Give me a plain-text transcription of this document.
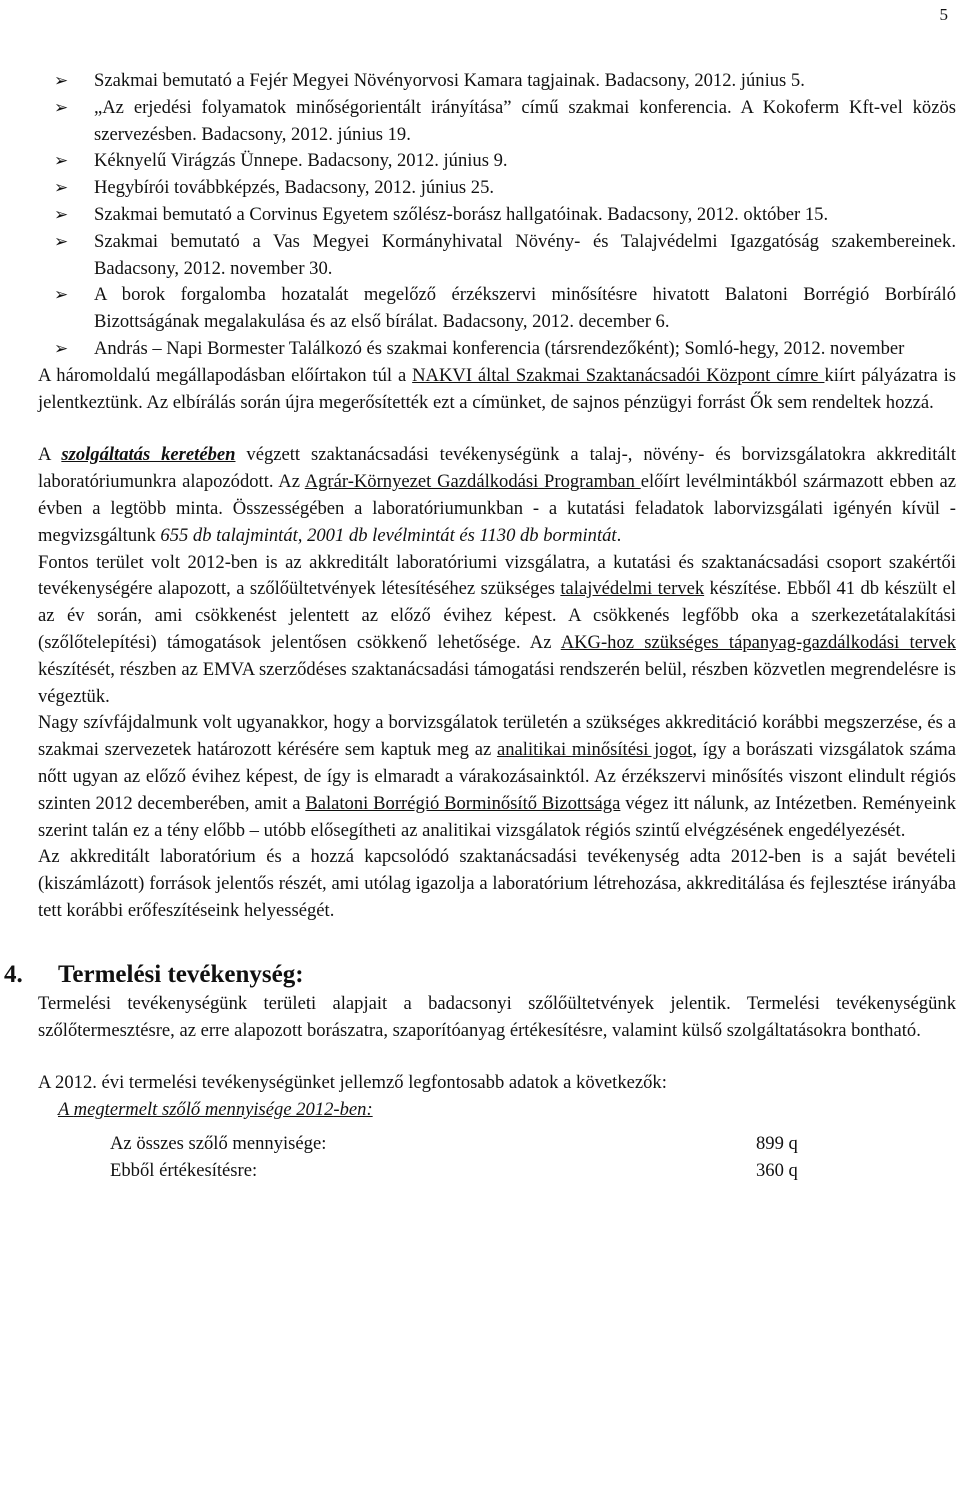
5
➢ Szakmai bemutató a Fejér Megyei Növényorvosi Kamara tagjainak. Badacsony, 2012. június 5.
➢ „Az erjedési folyamatok minőségorientált irányítása” című szakmai konferencia. A Kokoferm Kft-vel közös szervezésben. Badacsony, 2012. június 19.
➢ Kéknyelű Virágzás Ünnepe. Badacsony, 2012. június 9.
➢ Hegybírói továbbképzés, Badacsony, 2012. június 25.
➢ Szakmai bemutató a Corvinus Egyetem szőlész-borász hallgatóinak. Badacsony, 2012. október 15.
➢ Szakmai bemutató a Vas Megyei Kormányhivatal Növény- és Talajvédelmi Igazgatóság szakembereinek. Badacsony, 2012. november 30.
➢ A borok forgalomba hozatalát megelőző érzékszervi minősítésre hivatott Balatoni Borrégió Borbíráló Bizottságának megalakulása és az első bírálat. Badacsony, 2012. december 6.
➢ András – Napi Bormester Találkozó és szakmai konferencia (társrendezőként); Somló-hegy, 2012. november

A háromoldalú megállapodásban előírtakon túl a NAKVI által Szakmai Szaktanácsadói Központ címre kiírt pályázatra is jelentkeztünk. Az elbírálás során újra megerősítették ezt a címünket, de sajnos pénzügyi forrást Ők sem rendeltek hozzá.

A szolgáltatás keretében végzett szaktanácsadási tevékenységünk a talaj-, növény- és borvizsgálatokra akkreditált laboratóriumunkra alapozódott. Az Agrár-Környezet Gazdálkodási Programban előírt levélmintákból származott ebben az évben a legtöbb minta. Összességében a laboratóriumunkban - a kutatási feladatok laborvizsgálati igényén kívül - megvizsgáltunk 655 db talajmintát, 2001 db levélmintát és 1130 db bormintát.

Fontos terület volt 2012-ben is az akkreditált laboratóriumi vizsgálatra, a kutatási és szaktanácsadási csoport szakértői tevékenységére alapozott, a szőlőültetvények létesítéséhez szükséges talajvédelmi tervek készítése. Ebből 41 db készült el az év során, ami csökkenést jelentett az előző évihez képest. A csökkenés legfőbb oka a szerkezetátalakítási (szőlőtelepítési) támogatások jelentősen csökkenő lehetősége. Az AKG-hoz szükséges tápanyag-gazdálkodási tervek készítését, részben az EMVA szerződéses szaktanácsadási támogatási rendszerén belül, részben közvetlen megrendelésre is végeztük.

Nagy szívfájdalmunk volt ugyanakkor, hogy a borvizsgálatok területén a szükséges akkreditáció korábbi megszerzése, és a szakmai szervezetek határozott kérésére sem kaptuk meg az analitikai minősítési jogot, így a borászati vizsgálatok száma nőtt ugyan az előző évihez képest, de így is elmaradt a várakozásainktól. Az érzékszervi minősítés viszont elindult régiós szinten 2012 decemberében, amit a Balatoni Borrégió Borminősítő Bizottsága végez itt nálunk, az Intézetben. Reményeink szerint talán ez a tény előbb – utóbb elősegítheti az analitikai vizsgálatok régiós szintű elvégzésének engedélyezését.

Az akkreditált laboratórium és a hozzá kapcsolódó szaktanácsadási tevékenység adta 2012-ben is a saját bevételi (kiszámlázott) források jelentős részét, ami utólag igazolja a laboratórium létrehozása, akkreditálása és fejlesztése irányába tett korábbi erőfeszítéseink helyességét.

4. Termelési tevékenység:

Termelési tevékenységünk területi alapjait a badacsonyi szőlőültetvények jelentik. Termelési tevékenységünk szőlőtermesztésre, az erre alapozott borászatra, szaporítóanyag értékesítésre, valamint külső szolgáltatásokra bontható.

A 2012. évi termelési tevékenységünket jellemző legfontosabb adatok a következők:

A megtermelt szőlő mennyisége 2012-ben:

Az összes szőlő mennyisége:	899 q
Ebből értékesítésre:	360 q
